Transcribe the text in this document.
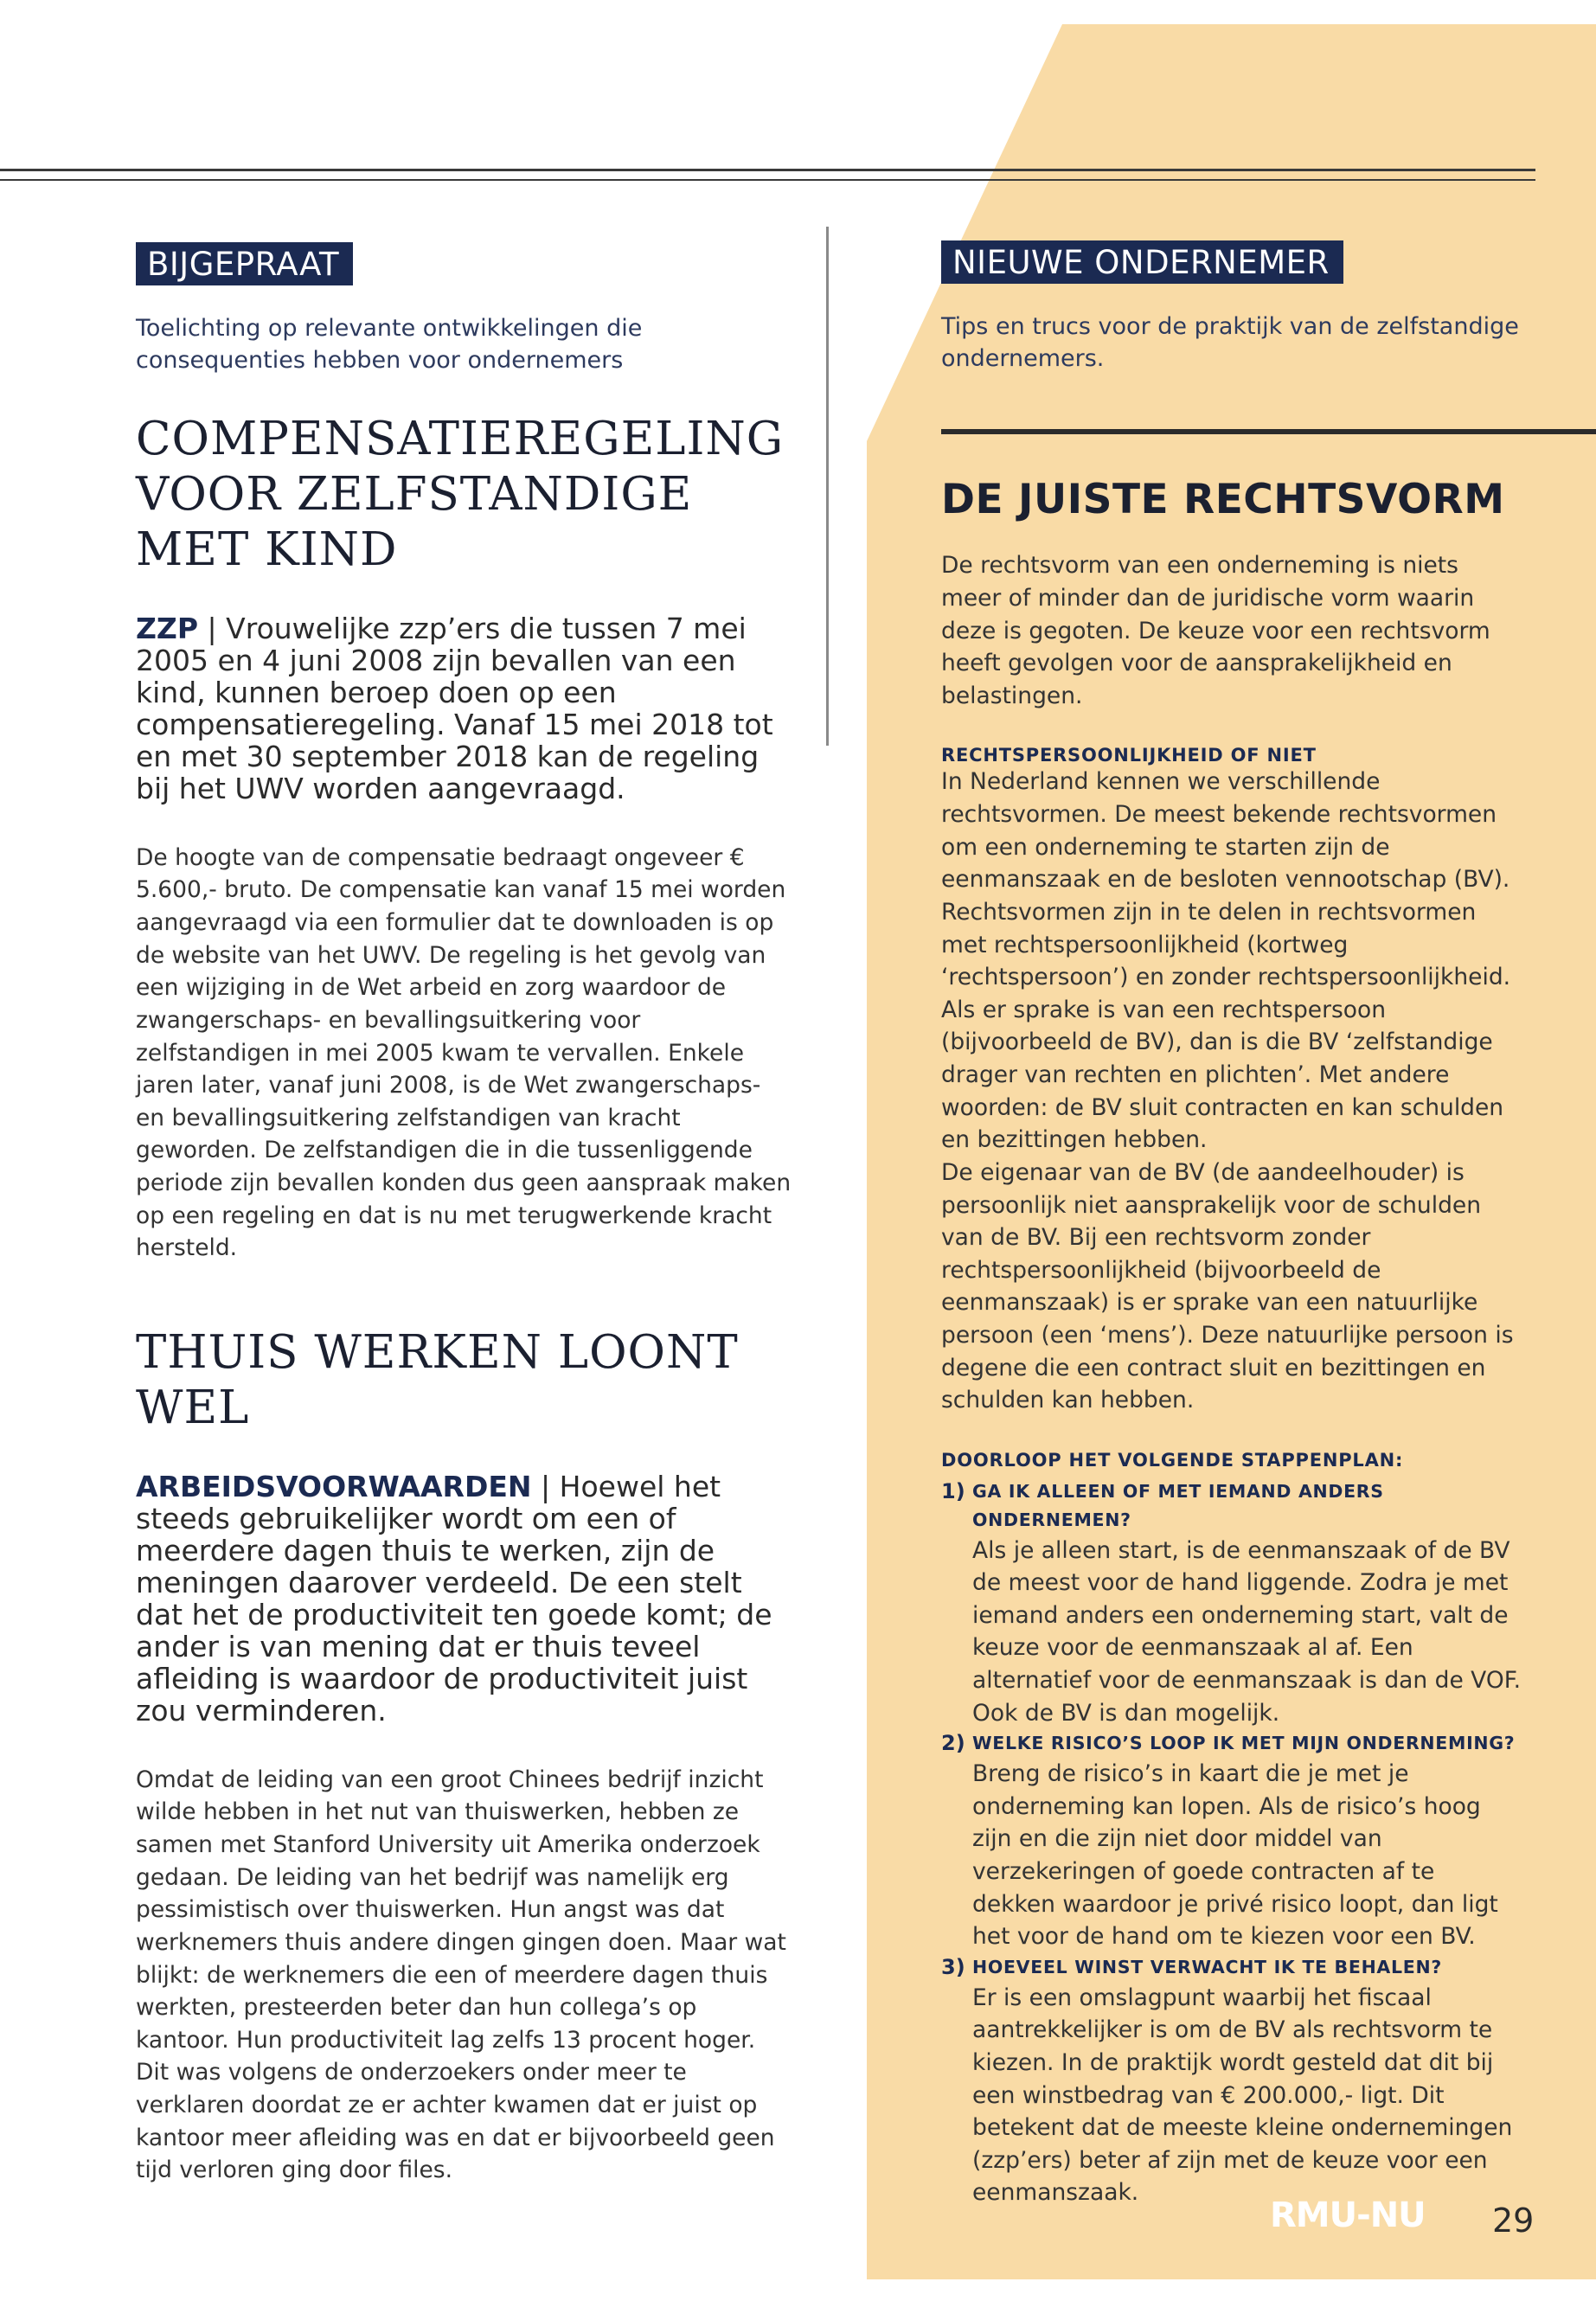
BIJGEPRAAT
Toelichting op relevante ontwikkelingen die consequenties hebben voor ondernemers
COMPENSATIEREGELING VOOR ZELFSTANDIGE MET KIND

ZZP | Vrouwelijke zzp’ers die tussen 7 mei 2005 en 4 juni 2008 zijn bevallen van een kind, kunnen beroep doen op een compensatieregeling. Vanaf 15 mei 2018 tot en met 30 september 2018 kan de regeling bij het UWV worden aangevraagd.

De hoogte van de compensatie bedraagt ongeveer € 5.600,- bruto. De compensatie kan vanaf 15 mei worden aangevraagd via een formulier dat te downloaden is op de website van het UWV. De regeling is het gevolg van een wijziging in de Wet arbeid en zorg waardoor de zwangerschaps- en bevallingsuitkering voor zelfstandigen in mei 2005 kwam te vervallen. Enkele jaren later, vanaf juni 2008, is de Wet zwangerschaps- en bevallingsuitkering zelfstandigen van kracht geworden. De zelfstandigen die in die tussenliggende periode zijn bevallen konden dus geen aanspraak maken op een regeling en dat is nu met terugwerkende kracht hersteld.

THUIS WERKEN LOONT WEL

ARBEIDSVOORWAARDEN | Hoewel het steeds gebruikelijker wordt om een of meerdere dagen thuis te werken, zijn de meningen daarover verdeeld. De een stelt dat het de productiviteit ten goede komt; de ander is van mening dat er thuis teveel afleiding is waardoor de productiviteit juist zou verminderen.

Omdat de leiding van een groot Chinees bedrijf inzicht wilde hebben in het nut van thuiswerken, hebben ze samen met Stanford University uit Amerika onderzoek gedaan. De leiding van het bedrijf was namelijk erg pessimistisch over thuiswerken. Hun angst was dat werknemers thuis andere dingen gingen doen. Maar wat blijkt: de werknemers die een of meerdere dagen thuis werkten, presteerden beter dan hun collega’s op kantoor. Hun productiviteit lag zelfs 13 procent hoger. Dit was volgens de onderzoekers onder meer te verklaren doordat ze er achter kwamen dat er juist op kantoor meer afleiding was en dat er bijvoorbeeld geen tijd verloren ging door files.

NIEUWE ONDERNEMER
Tips en trucs voor de praktijk van de zelfstandige ondernemers.
DE JUISTE RECHTSVORM

De rechtsvorm van een onderneming is niets meer of minder dan de juridische vorm waarin deze is gegoten. De keuze voor een rechtsvorm heeft gevolgen voor de aansprakelijkheid en belastingen.

RECHTSPERSOONLIJKHEID OF NIET

In Nederland kennen we verschillende rechtsvormen. De meest bekende rechtsvormen om een onderneming te starten zijn de eenmanszaak en de besloten vennootschap (BV). Rechtsvormen zijn in te delen in rechtsvormen met rechtspersoonlijkheid (kortweg ‘rechtspersoon’) en zonder rechtspersoonlijkheid. Als er sprake is van een rechtspersoon (bijvoorbeeld de BV), dan is die BV ‘zelfstandige drager van rechten en plichten’. Met andere woorden: de BV sluit contracten en kan schulden en bezittingen hebben.

De eigenaar van de BV (de aandeelhouder) is persoonlijk niet aansprakelijk voor de schulden van de BV. Bij een rechtsvorm zonder rechtspersoonlijkheid (bijvoorbeeld de eenmanszaak) is er sprake van een natuurlijke persoon (een ‘mens’). Deze natuurlijke persoon is degene die een contract sluit en bezittingen en schulden kan hebben.

DOORLOOP HET VOLGENDE STAPPENPLAN:
1) GA IK ALLEEN OF MET IEMAND ANDERS ONDERNEMEN?

Als je alleen start, is de eenmanszaak of de BV de meest voor de hand liggende. Zodra je met iemand anders een onderneming start, valt de keuze voor de eenmanszaak al af. Een alternatief voor de eenmanszaak is dan de VOF. Ook de BV is dan mogelijk.

2) WELKE RISICO’S LOOP IK MET MIJN ONDERNEMING?

Breng de risico’s in kaart die je met je onderneming kan lopen. Als de risico’s hoog zijn en die zijn niet door middel van verzekeringen of goede contracten af te dekken waardoor je privé risico loopt, dan ligt het voor de hand om te kiezen voor een BV.

3) HOEVEEL WINST VERWACHT IK TE BEHALEN?

Er is een omslagpunt waarbij het fiscaal aantrekkelijker is om de BV als rechtsvorm te kiezen. In de praktijk wordt gesteld dat dit bij een winstbedrag van € 200.000,- ligt. Dit betekent dat de meeste kleine ondernemingen (zzp’ers) beter af zijn met de keuze voor een eenmanszaak.

RMU-NU 29
